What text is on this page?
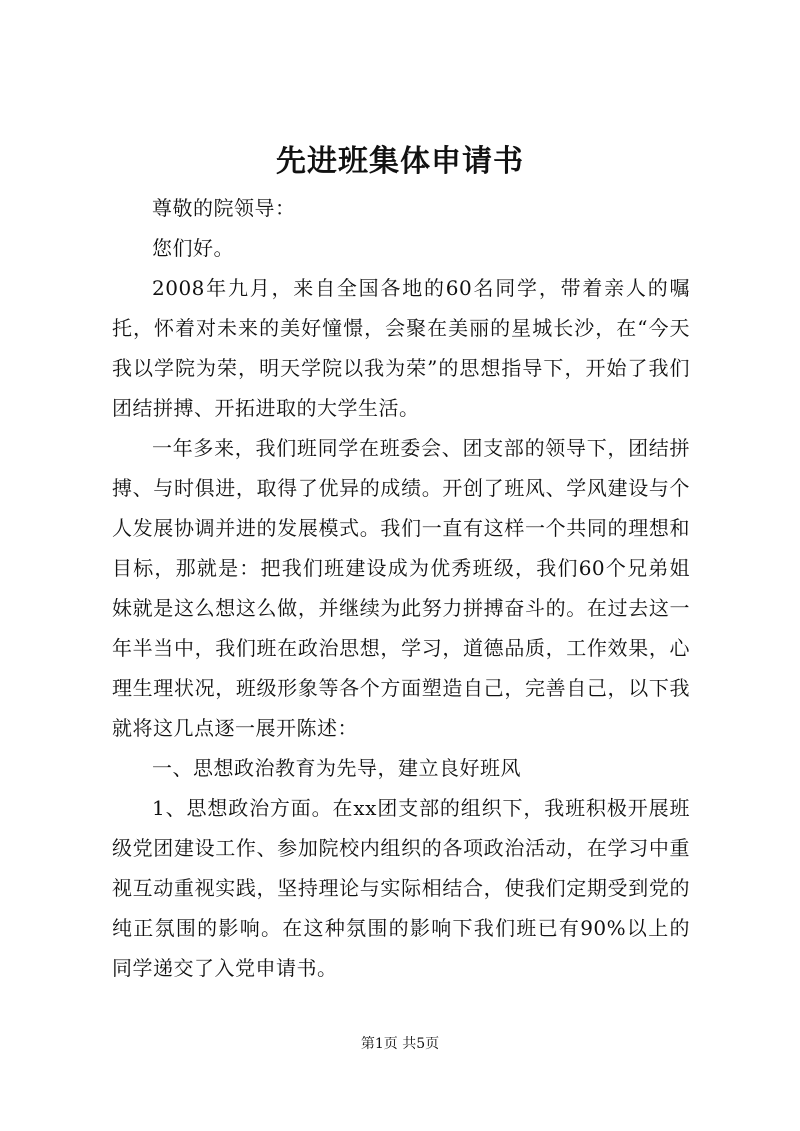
先进班集体申请书

尊敬的院领导：

您们好。

2008年九月，来自全国各地的60名同学，带着亲人的嘱托，怀着对未来的美好憧憬，会聚在美丽的星城长沙，在“今天我以学院为荣，明天学院以我为荣”的思想指导下，开始了我们团结拼搏、开拓进取的大学生活。

一年多来，我们班同学在班委会、团支部的领导下，团结拼搏、与时俱进，取得了优异的成绩。开创了班风、学风建设与个人发展协调并进的发展模式。我们一直有这样一个共同的理想和目标，那就是：把我们班建设成为优秀班级，我们60个兄弟姐妹就是这么想这么做，并继续为此努力拼搏奋斗的。在过去这一年半当中，我们班在政治思想，学习，道德品质，工作效果，心理生理状况，班级形象等各个方面塑造自己，完善自己，以下我就将这几点逐一展开陈述：

一、思想政治教育为先导，建立良好班风

1、思想政治方面。在xx团支部的组织下，我班积极开展班级党团建设工作、参加院校内组织的各项政治活动，在学习中重视互动重视实践，坚持理论与实际相结合，使我们定期受到党的纯正氛围的影响。在这种氛围的影响下我们班已有90%以上的同学递交了入党申请书。

第1页 共5页
